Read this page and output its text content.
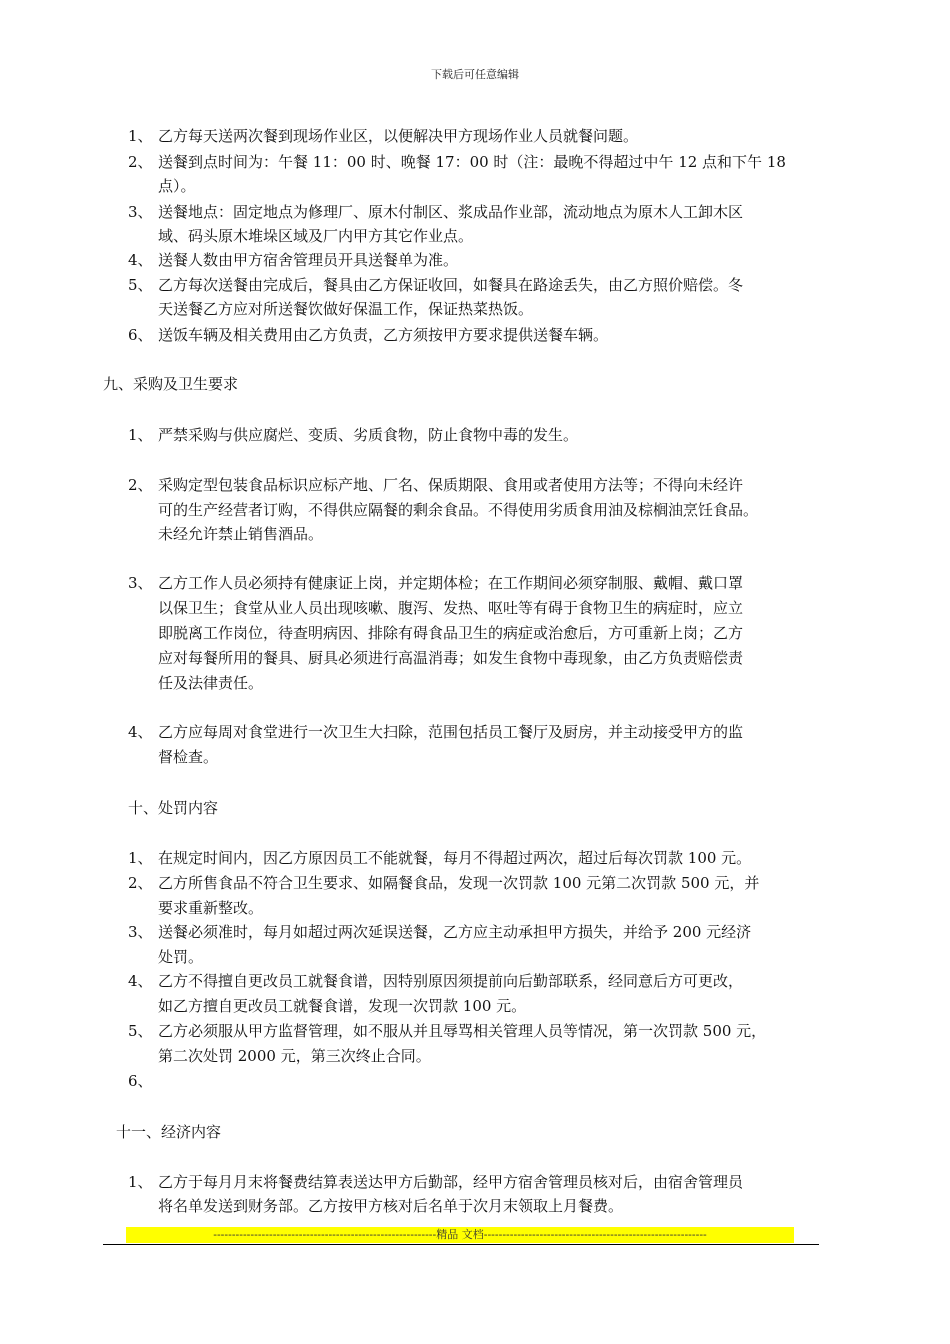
下载后可任意编辑
1、 乙方每天送两次餐到现场作业区，以便解决甲方现场作业人员就餐问题。
2、 送餐到点时间为：午餐 11：00 时、晚餐 17：00 时（注：最晚不得超过中午 12 点和下午 18
点）。
3、 送餐地点：固定地点为修理厂、原木付制区、浆成品作业部，流动地点为原木人工卸木区
域、码头原木堆垛区域及厂内甲方其它作业点。
4、 送餐人数由甲方宿舍管理员开具送餐单为准。
5、 乙方每次送餐由完成后，餐具由乙方保证收回，如餐具在路途丢失，由乙方照价赔偿。冬
天送餐乙方应对所送餐饮做好保温工作，保证热菜热饭。
6、 送饭车辆及相关费用由乙方负责，乙方须按甲方要求提供送餐车辆。
九、采购及卫生要求
1、 严禁采购与供应腐烂、变质、劣质食物，防止食物中毒的发生。
2、 采购定型包装食品标识应标产地、厂名、保质期限、食用或者使用方法等；不得向未经许
可的生产经营者订购，不得供应隔餐的剩余食品。不得使用劣质食用油及棕榈油烹饪食品。
未经允许禁止销售酒品。
3、 乙方工作人员必须持有健康证上岗，并定期体检；在工作期间必须穿制服、戴帽、戴口罩
以保卫生；食堂从业人员出现咳嗽、腹泻、发热、呕吐等有碍于食物卫生的病症时，应立
即脱离工作岗位，待查明病因、排除有碍食品卫生的病症或治愈后，方可重新上岗；乙方
应对每餐所用的餐具、厨具必须进行高温消毒；如发生食物中毒现象，由乙方负责赔偿责
任及法律责任。
4、 乙方应每周对食堂进行一次卫生大扫除，范围包括员工餐厅及厨房，并主动接受甲方的监
督检查。
十、处罚内容
1、 在规定时间内，因乙方原因员工不能就餐，每月不得超过两次，超过后每次罚款 100 元。
2、 乙方所售食品不符合卫生要求、如隔餐食品，发现一次罚款 100 元第二次罚款 500 元，并
要求重新整改。
3、 送餐必须准时，每月如超过两次延误送餐，乙方应主动承担甲方损失，并给予 200 元经济
处罚。
4、 乙方不得擅自更改员工就餐食谱，因特别原因须提前向后勤部联系，经同意后方可更改，
如乙方擅自更改员工就餐食谱，发现一次罚款 100 元。
5、 乙方必须服从甲方监督管理，如不服从并且辱骂相关管理人员等情况，第一次罚款 500 元，
第二次处罚 2000 元，第三次终止合同。
6、
十一、经济内容
1、 乙方于每月月末将餐费结算表送达甲方后勤部，经甲方宿舍管理员核对后，由宿舍管理员
将名单发送到财务部。乙方按甲方核对后名单于次月末领取上月餐费。
------------------------------------------------------------精品 文档------------------------------------------------------------
